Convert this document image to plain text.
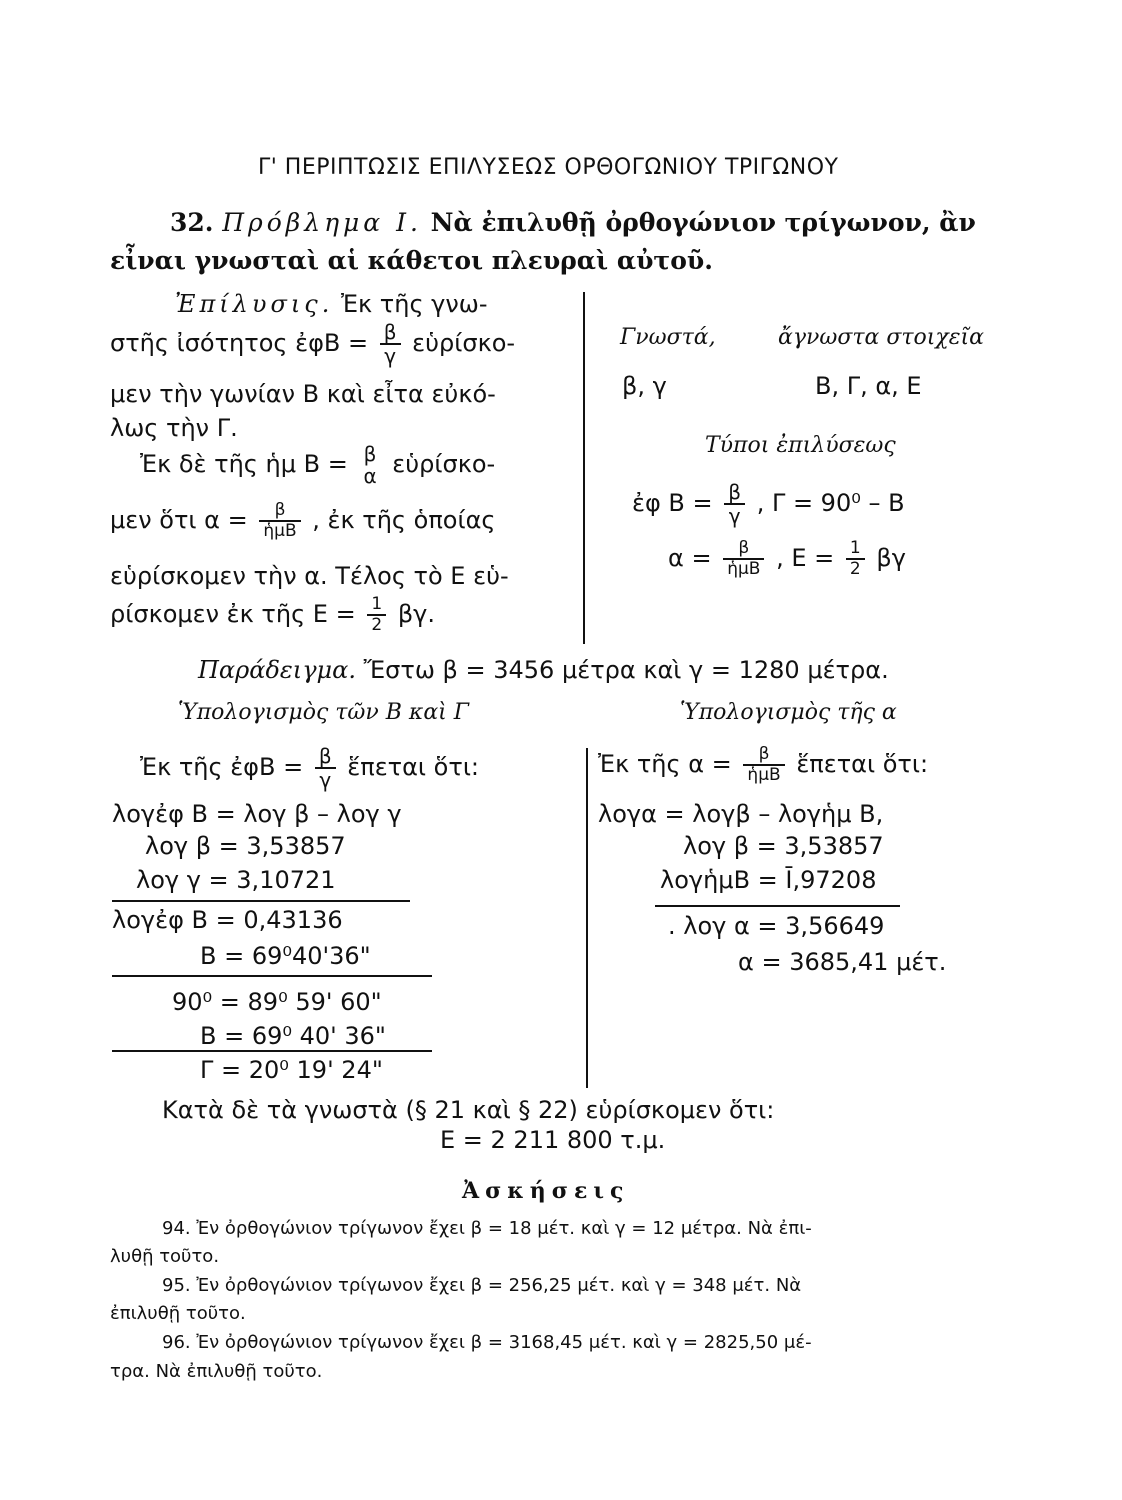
Γ' ΠΕΡΙΠΤΩΣΙΣ ΕΠΙΛΥΣΕΩΣ ΟΡΘΟΓΩΝΙΟΥ ΤΡΙΓΩΝΟΥ
32. Πρόβλημα Ι. Νὰ ἐπιλυθῇ ὀρθογώνιον τρίγωνον, ἂν
εἶναι γνωσταὶ αἱ κάθετοι πλευραὶ αὐτοῦ.
Ἐπίλυσις. Ἐκ τῆς γνω-
στῆς ἰσότητος ἐφB = $\frac{\beta}{\gamma}$ εὑρίσκο-
μεν τὴν γωνίαν Β καὶ εἶτα εὐκό-
λως τὴν Γ.
Ἐκ δὲ τῆς ἡμ Β = β
α εὑρίσκο-
μεν ὅτι $\alpha = \frac{\beta}{\text{ἡμB}}$ , ἐκ τῆς ὁποίας
εὑρίσκομεν τὴν α. Τέλος τὸ Ε εὑ-
ρίσκομεν ἐκ τῆς $E = \frac{1}{2} \beta\gamma$.
Γνωστά,	ἄγνωστα στοιχεῖα
β, γ	Β, Γ, α, Ε
Τύποι ἐπιλύσεως
ἐφ $B = \frac{\beta}{\gamma}$ , Γ = 90⁰ – Β
$\alpha = \frac{\beta}{\text{ἡμB}}$ , $E = \frac{1}{2}$ βγ
Παράδειγμα. Ἔστω β = 3456 μέτρα καὶ γ = 1280 μέτρα.
Ὑπολογισμὸς τῶν Β καὶ Γ	Ὑπολογισμὸς τῆς α
Ἐκ τῆς ἐφB = $\frac{\beta}{\gamma}$ ἕπεται ὅτι:
λογἐφ Β = λογ β – λογ γ
λογ β = 3,53857
λογ γ = 3,10721
λογἐφ Β = 0,43136
Β = 69⁰40'36"
90⁰ = 89⁰ 59' 60"
Β = 69⁰ 40' 36"
Γ = 20⁰ 19' 24"
Ἐκ τῆς $\alpha = \frac{\beta}{\text{ἡμB}}$ ἕπεται ὅτι:
λογα = λογβ – λογἡμ Β,
λογ β = 3,53857
λογἡμΒ = Ī,97208
. λογ α = 3,56649
α = 3685,41 μέτ.
Κατὰ δὲ τὰ γνωστὰ (§ 21 καὶ § 22) εὑρίσκομεν ὅτι:
Ε = 2 211 800 τ.μ.
Ἀσκήσεις
94. Ἐν ὀρθογώνιον τρίγωνον ἔχει β = 18 μέτ. καὶ γ = 12 μέτρα. Νὰ ἐπι-
λυθῇ τοῦτο.
95. Ἐν ὀρθογώνιον τρίγωνον ἔχει β = 256,25 μέτ. καὶ γ = 348 μέτ. Νὰ
ἐπιλυθῇ τοῦτο.
96. Ἐν ὀρθογώνιον τρίγωνον ἔχει β = 3168,45 μέτ. καὶ γ = 2825,50 μέ-
τρα. Νὰ ἐπιλυθῇ τοῦτο.
